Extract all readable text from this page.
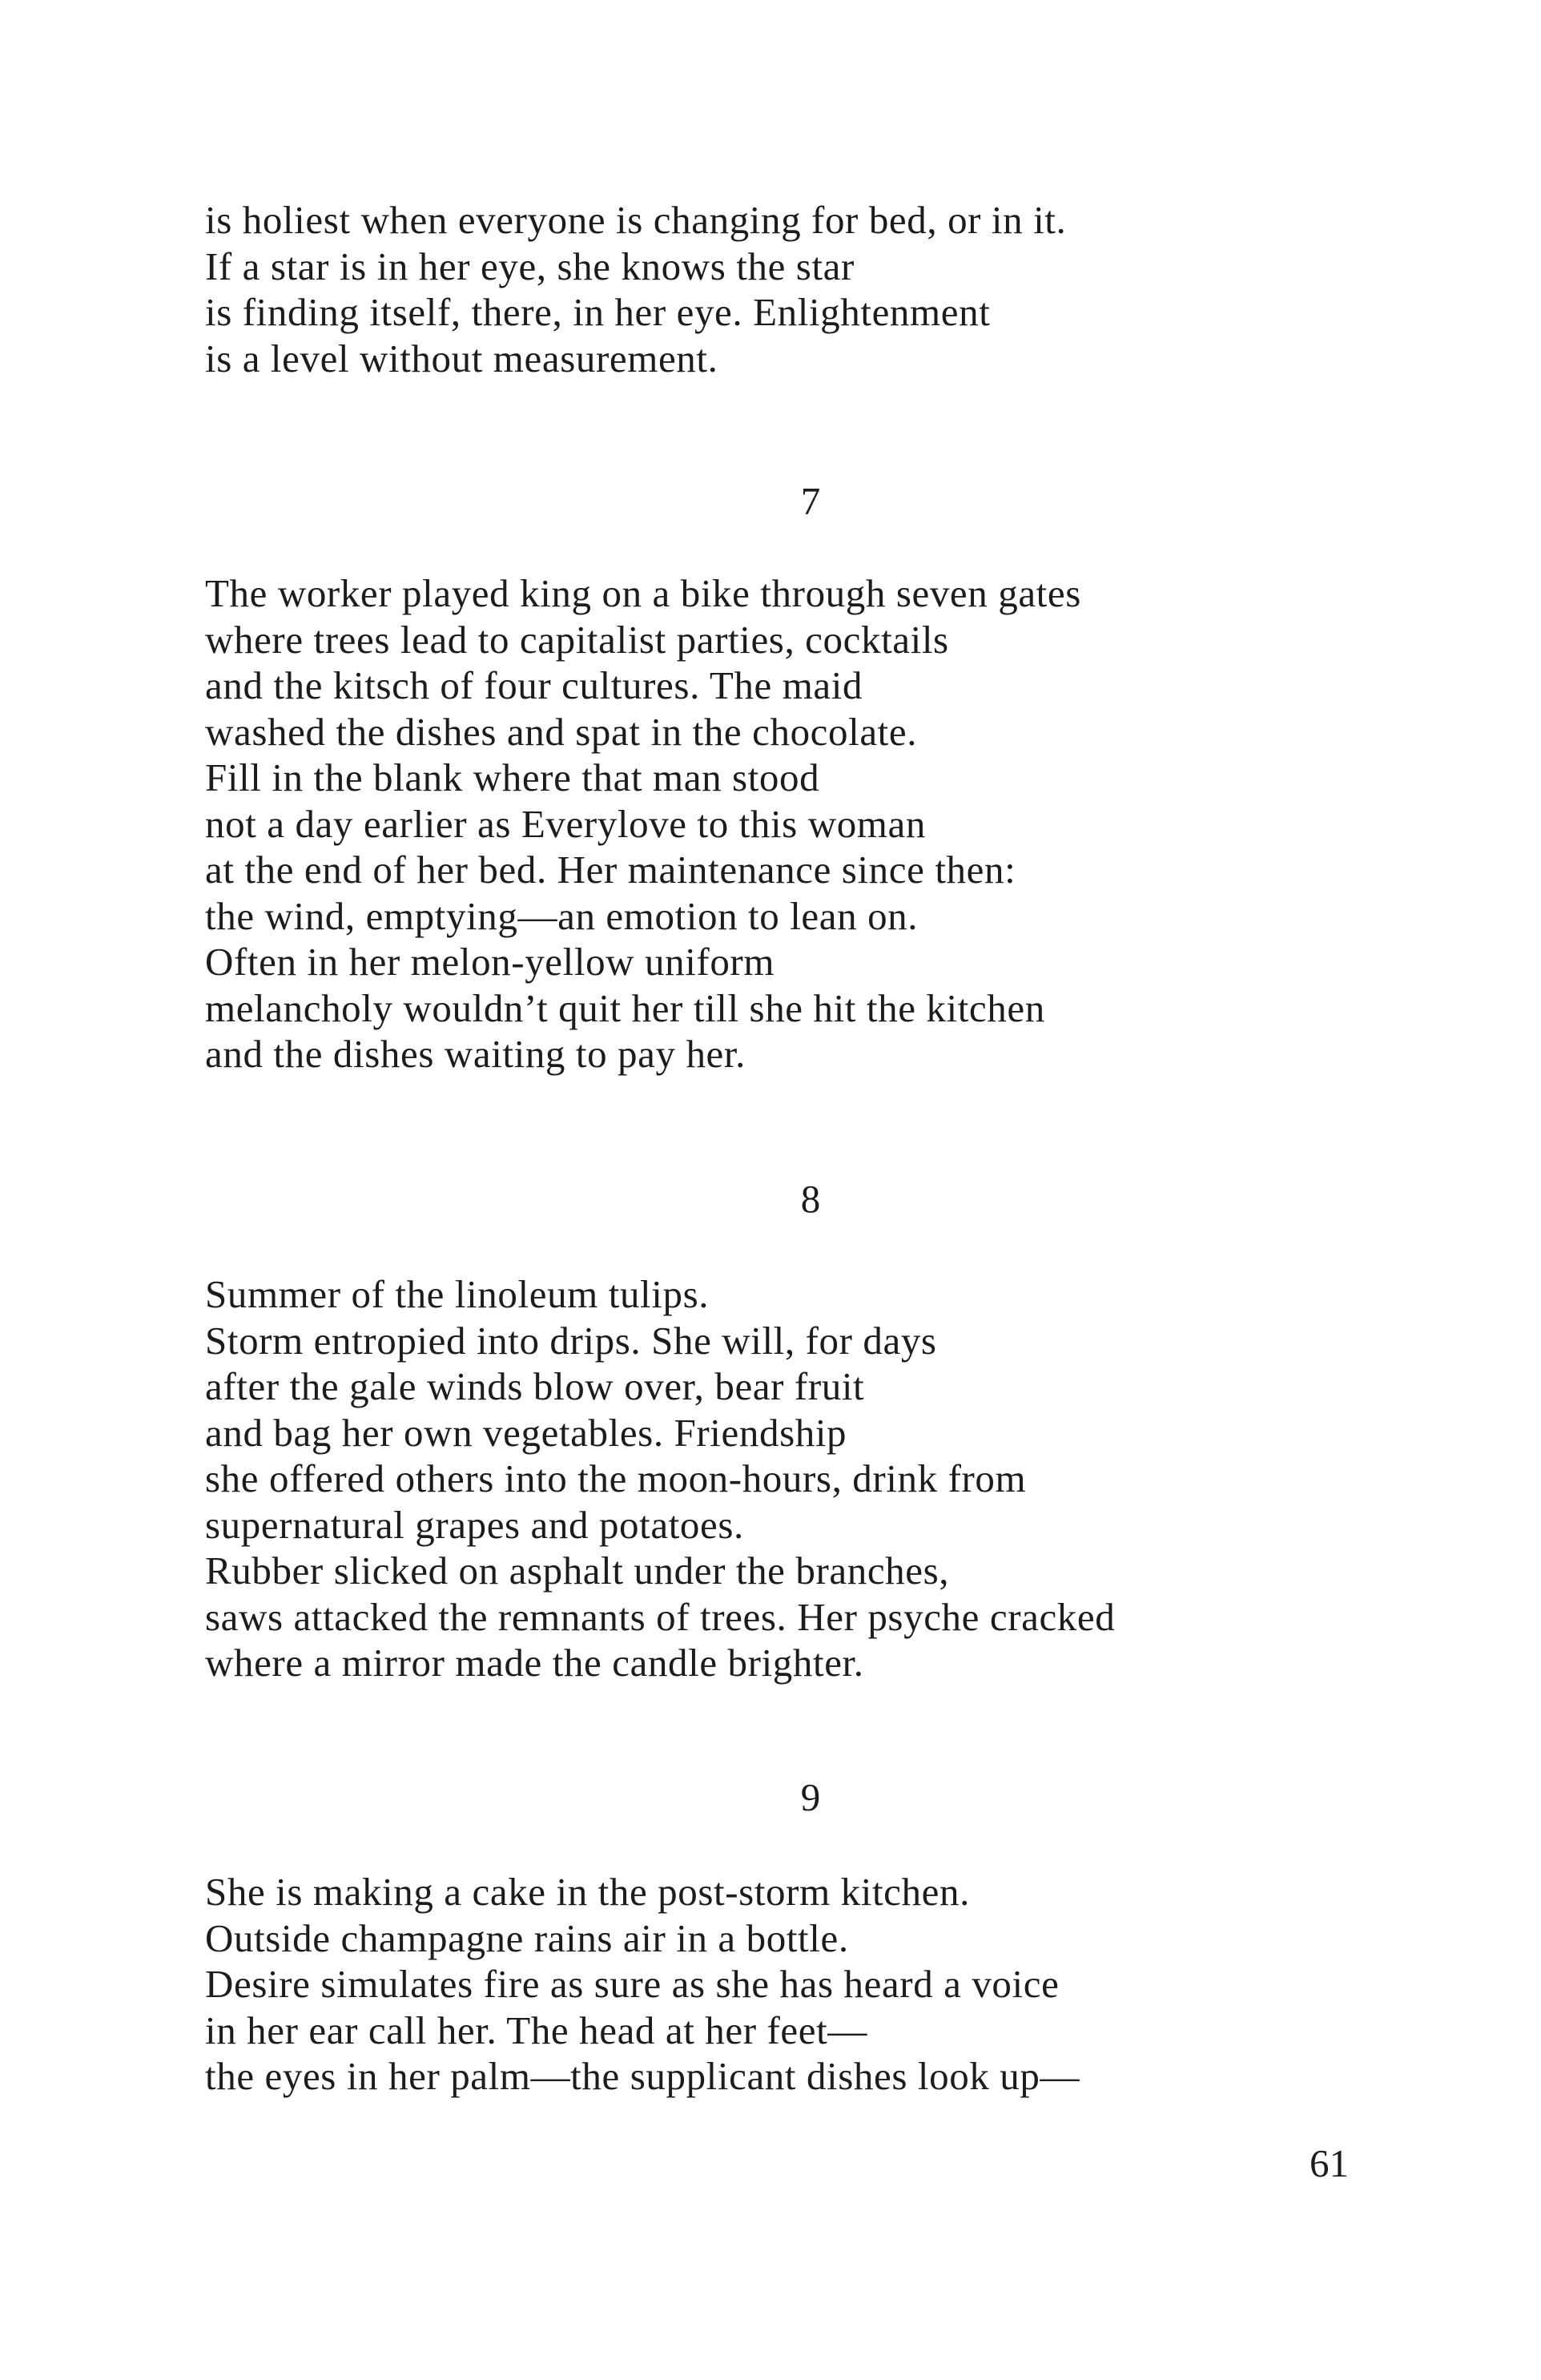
is holiest when everyone is changing for bed, or in it.
If a star is in her eye, she knows the star
is finding itself, there, in her eye. Enlightenment
is a level without measurement.
7
The worker played king on a bike through seven gates
where trees lead to capitalist parties, cocktails
and the kitsch of four cultures. The maid
washed the dishes and spat in the chocolate.
Fill in the blank where that man stood
not a day earlier as Everylove to this woman
at the end of her bed. Her maintenance since then:
the wind, emptying—an emotion to lean on.
Often in her melon-yellow uniform
melancholy wouldn’t quit her till she hit the kitchen
and the dishes waiting to pay her.
8
Summer of the linoleum tulips.
Storm entropied into drips. She will, for days
after the gale winds blow over, bear fruit
and bag her own vegetables. Friendship
she offered others into the moon-hours, drink from
supernatural grapes and potatoes.
Rubber slicked on asphalt under the branches,
saws attacked the remnants of trees. Her psyche cracked
where a mirror made the candle brighter.
9
She is making a cake in the post-storm kitchen.
Outside champagne rains air in a bottle.
Desire simulates fire as sure as she has heard a voice
in her ear call her. The head at her feet—
the eyes in her palm—the supplicant dishes look up—
61
